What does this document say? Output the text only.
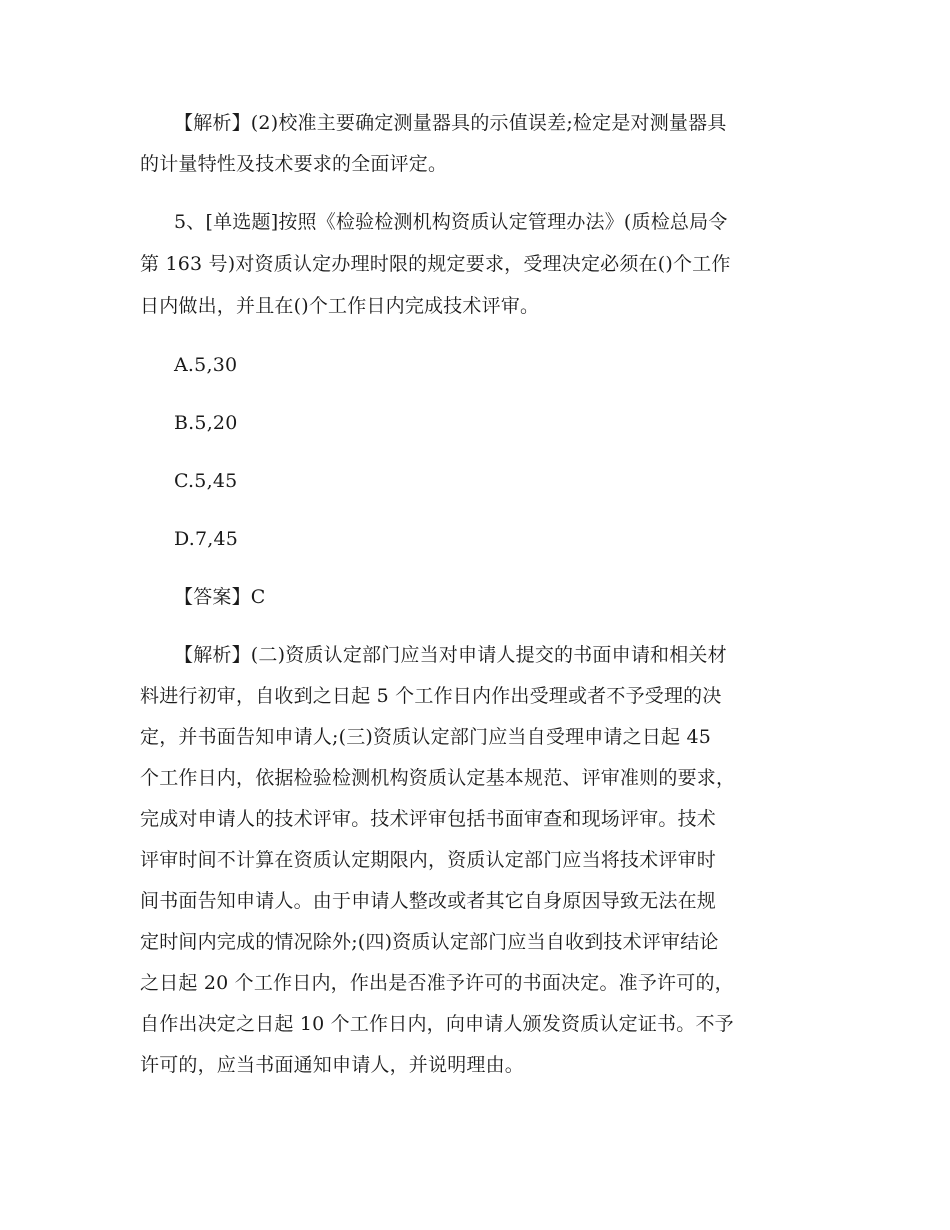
【解析】(2)校准主要确定测量器具的示值误差;检定是对测量器具
的计量特性及技术要求的全面评定。
5、[单选题]按照《检验检测机构资质认定管理办法》(质检总局令
第 163 号)对资质认定办理时限的规定要求，受理决定必须在()个工作
日内做出，并且在()个工作日内完成技术评审。
A.5,30
B.5,20
C.5,45
D.7,45
【答案】C
【解析】(二)资质认定部门应当对申请人提交的书面申请和相关材
料进行初审，自收到之日起 5 个工作日内作出受理或者不予受理的决
定，并书面告知申请人;(三)资质认定部门应当自受理申请之日起 45
个工作日内，依据检验检测机构资质认定基本规范、评审准则的要求，
完成对申请人的技术评审。技术评审包括书面审查和现场评审。技术
评审时间不计算在资质认定期限内，资质认定部门应当将技术评审时
间书面告知申请人。由于申请人整改或者其它自身原因导致无法在规
定时间内完成的情况除外;(四)资质认定部门应当自收到技术评审结论
之日起 20 个工作日内，作出是否准予许可的书面决定。准予许可的，
自作出决定之日起 10 个工作日内，向申请人颁发资质认定证书。不予
许可的，应当书面通知申请人，并说明理由。
